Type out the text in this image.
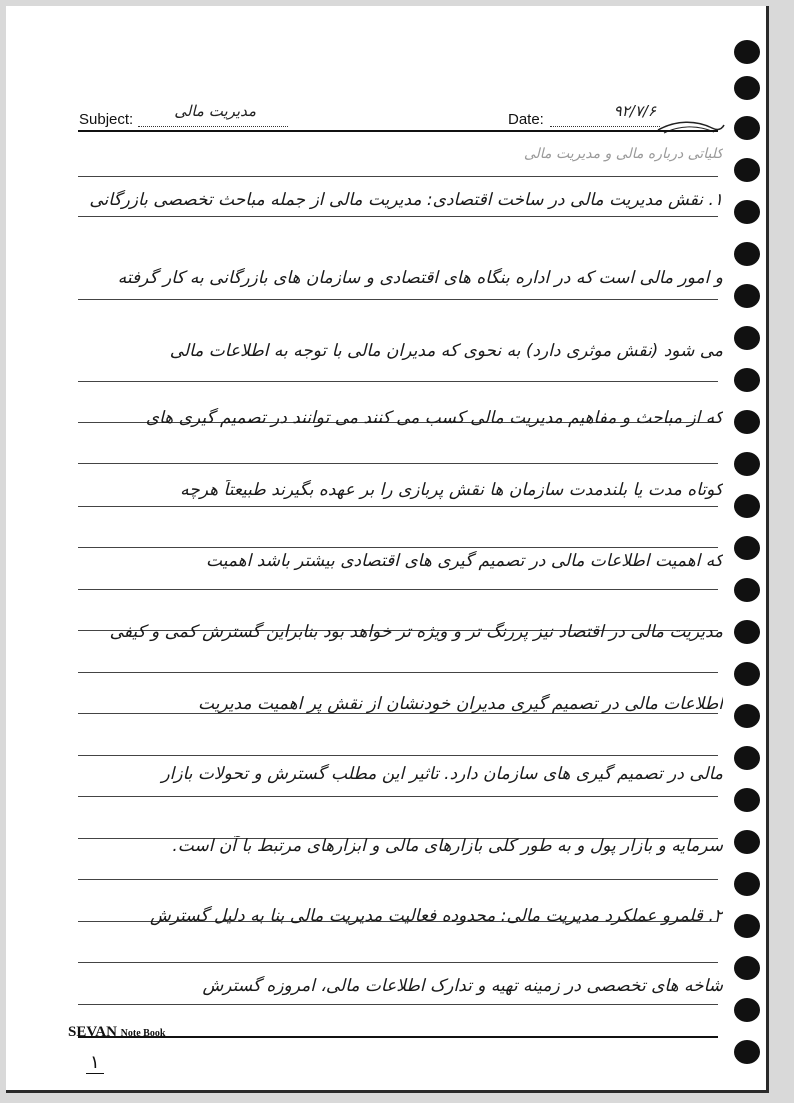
Subject:	مدیریت مالی	Date:	۹۲/۷/۶
کلیاتی درباره مالی و مدیریت مالی
۱. نقش مدیریت مالی در ساخت اقتصادی: مدیریت مالی از جمله مباحث تخصصی بازرگانی
و امور مالی است که در اداره بنگاه های اقتصادی و سازمان های بازرگانی به کار گرفته
می شود (نقش موثری دارد) به نحوی که مدیران مالی با توجه به اطلاعات مالی
که از مباحث و مفاهیم مدیریت مالی کسب می کنند می توانند در تصمیم گیری های
کوتاه مدت یا بلندمدت سازمان ها نقش پربازی را بر عهده بگیرند طبیعتاً هرچه
که اهمیت اطلاعات مالی در تصمیم گیری های اقتصادی بیشتر باشد اهمیت
مدیریت مالی در اقتصاد نیز پررنگ تر و ویژه تر خواهد بود بنابراین گسترش کمی و کیفی
اطلاعات مالی در تصمیم گیری مدیران خودنشان از نقش پر اهمیت مدیریت
مالی در تصمیم گیری های سازمان دارد. تاثیر این مطلب گسترش و تحولات بازار
سرمایه و بازار پول و به طور کلی بازارهای مالی و ابزارهای مرتبط با آن است.
۲. قلمرو عملکرد مدیریت مالی: محدوده فعالیت مدیریت مالی بنا به دلیل گسترش
شاخه های تخصصی در زمینه تهیه و تدارک اطلاعات مالی، امروزه گسترش
SEVAN Note Book
۱
